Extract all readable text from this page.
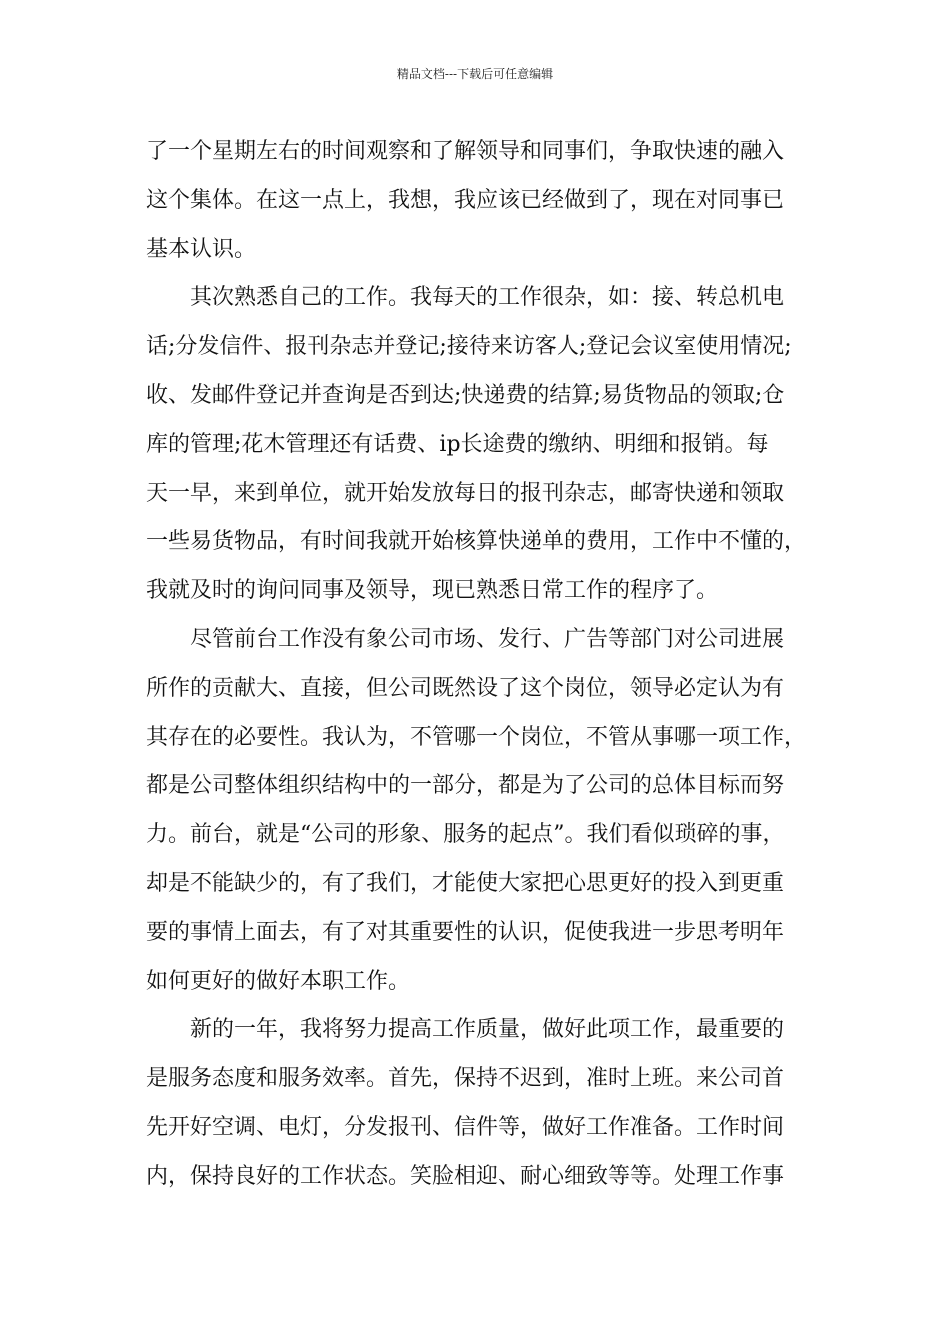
精品文档---下载后可任意编辑
了一个星期左右的时间观察和了解领导和同事们，争取快速的融入
这个集体。在这一点上，我想，我应该已经做到了，现在对同事已
基本认识。
其次熟悉自己的工作。我每天的工作很杂，如：接、转总机电
话;分发信件、报刊杂志并登记;接待来访客人;登记会议室使用情况;
收、发邮件登记并查询是否到达;快递费的结算;易货物品的领取;仓
库的管理;花木管理还有话费、ip长途费的缴纳、明细和报销。每
天一早，来到单位，就开始发放每日的报刊杂志，邮寄快递和领取
一些易货物品，有时间我就开始核算快递单的费用，工作中不懂的，
我就及时的询问同事及领导，现已熟悉日常工作的程序了。
尽管前台工作没有象公司市场、发行、广告等部门对公司进展
所作的贡献大、直接，但公司既然设了这个岗位，领导必定认为有
其存在的必要性。我认为，不管哪一个岗位，不管从事哪一项工作，
都是公司整体组织结构中的一部分，都是为了公司的总体目标而努
力。前台，就是“公司的形象、服务的起点”。我们看似琐碎的事，
却是不能缺少的，有了我们，才能使大家把心思更好的投入到更重
要的事情上面去，有了对其重要性的认识，促使我进一步思考明年
如何更好的做好本职工作。
新的一年，我将努力提高工作质量，做好此项工作，最重要的
是服务态度和服务效率。首先，保持不迟到，准时上班。来公司首
先开好空调、电灯，分发报刊、信件等，做好工作准备。工作时间
内，保持良好的工作状态。笑脸相迎、耐心细致等等。处理工作事
